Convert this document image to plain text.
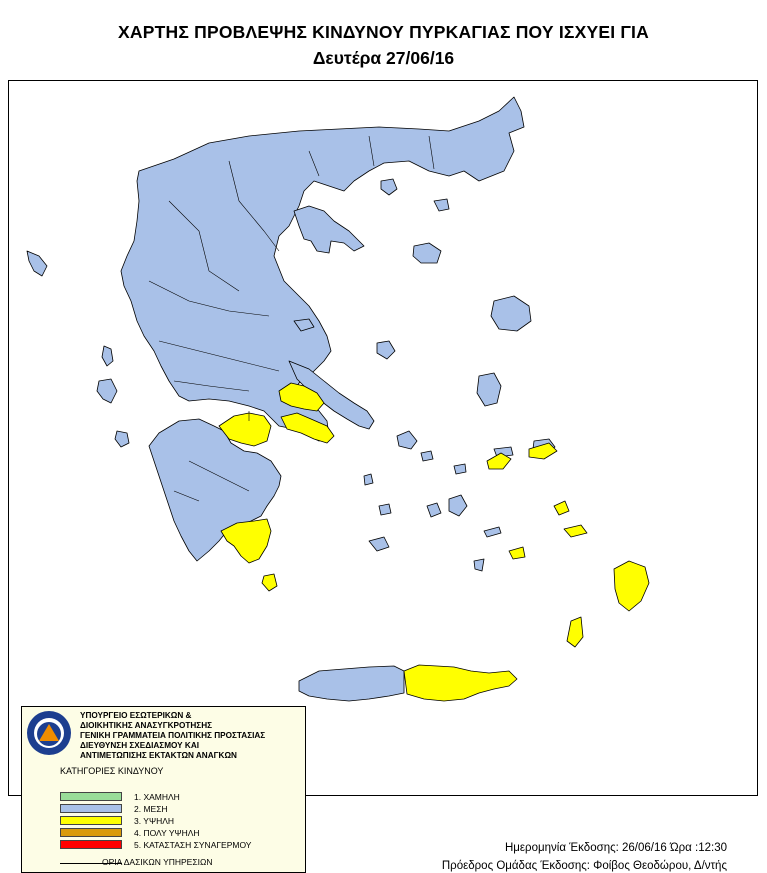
ΧΑΡΤΗΣ ΠΡΟΒΛΕΨΗΣ ΚΙΝΔΥΝΟΥ ΠΥΡΚΑΓΙΑΣ ΠΟΥ ΙΣΧΥΕΙ ΓΙΑ
Δευτέρα 27/06/16
ΥΠΟΥΡΓΕΙΟ ΕΣΩΤΕΡΙΚΩΝ &
ΔΙΟΙΚΗΤΙΚΗΣ ΑΝΑΣΥΓΚΡΟΤΗΣΗΣ
ΓΕΝΙΚΗ ΓΡΑΜΜΑΤΕΙΑ ΠΟΛΙΤΙΚΗΣ ΠΡΟΣΤΑΣΙΑΣ
ΔΙΕΥΘΥΝΣΗ ΣΧΕΔΙΑΣΜΟΥ ΚΑΙ
ΑΝΤΙΜΕΤΩΠΙΣΗΣ ΕΚΤΑΚΤΩΝ ΑΝΑΓΚΩΝ
ΚΑΤΗΓΟΡΙΕΣ ΚΙΝΔΥΝΟΥ
1. ΧΑΜΗΛΗ
2. ΜΕΣΗ
3. ΥΨΗΛΗ
4. ΠΟΛΥ ΥΨΗΛΗ
5. ΚΑΤΑΣΤΑΣΗ ΣΥΝΑΓΕΡΜΟΥ
ΟΡΙΑ ΔΑΣΙΚΩΝ ΥΠΗΡΕΣΙΩΝ
Ημερομηνία Έκδοσης: 26/06/16 Ώρα :12:30
Πρόεδρος Ομάδας Έκδοσης: Φοίβος Θεοδώρου, Δ/ντής
